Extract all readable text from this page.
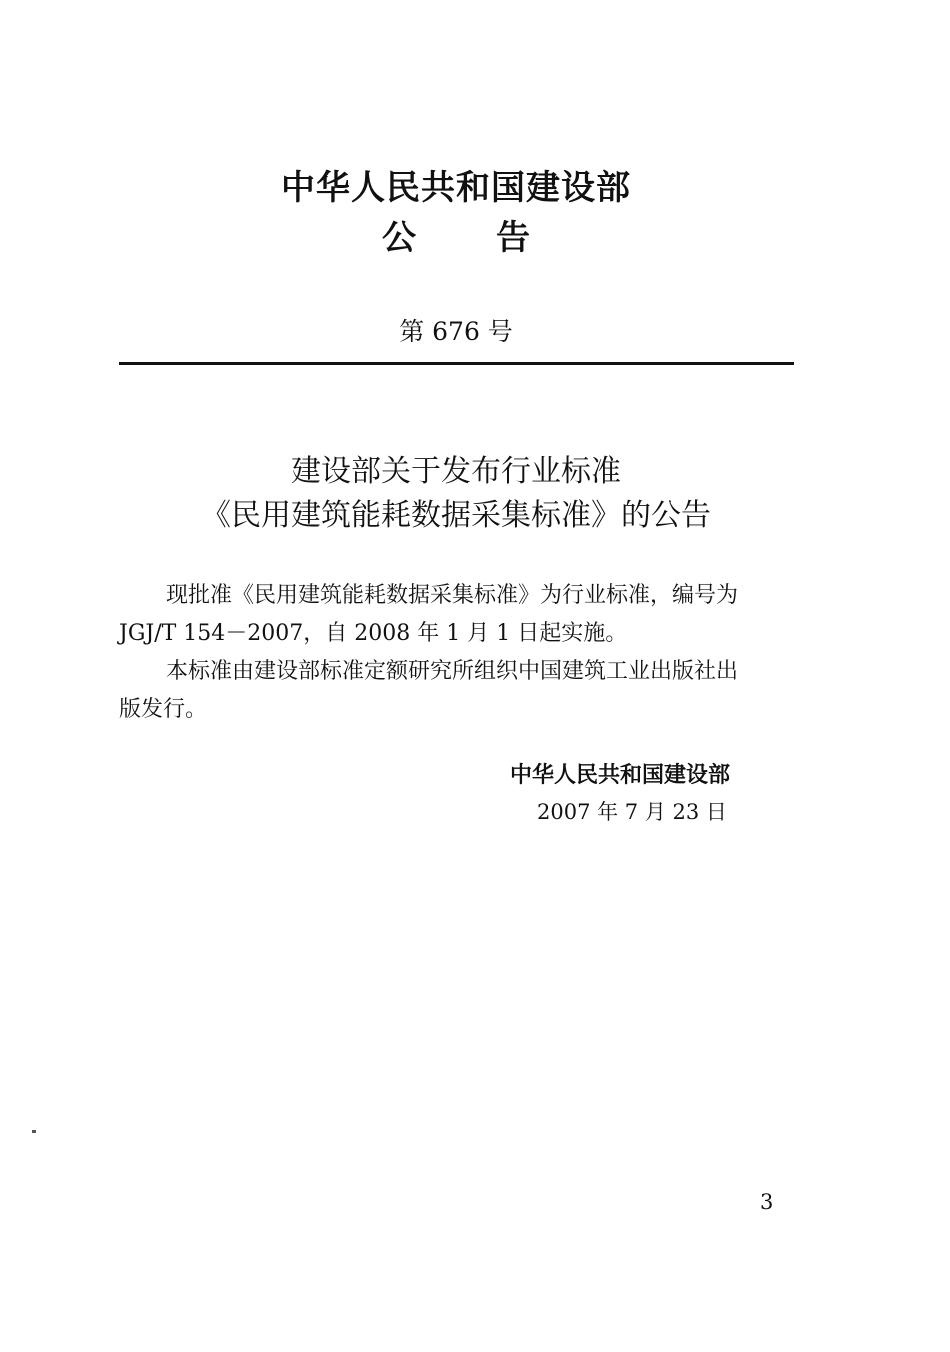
中华人民共和国建设部
公告
第 676 号
建设部关于发布行业标准
《民用建筑能耗数据采集标准》的公告

现批准《民用建筑能耗数据采集标准》为行业标准，编号为

JGJ/T 154－2007，自 2008 年 1 月 1 日起实施。

本标准由建设部标准定额研究所组织中国建筑工业出版社出

版发行。

中华人民共和国建设部
2007 年 7 月 23 日
3
